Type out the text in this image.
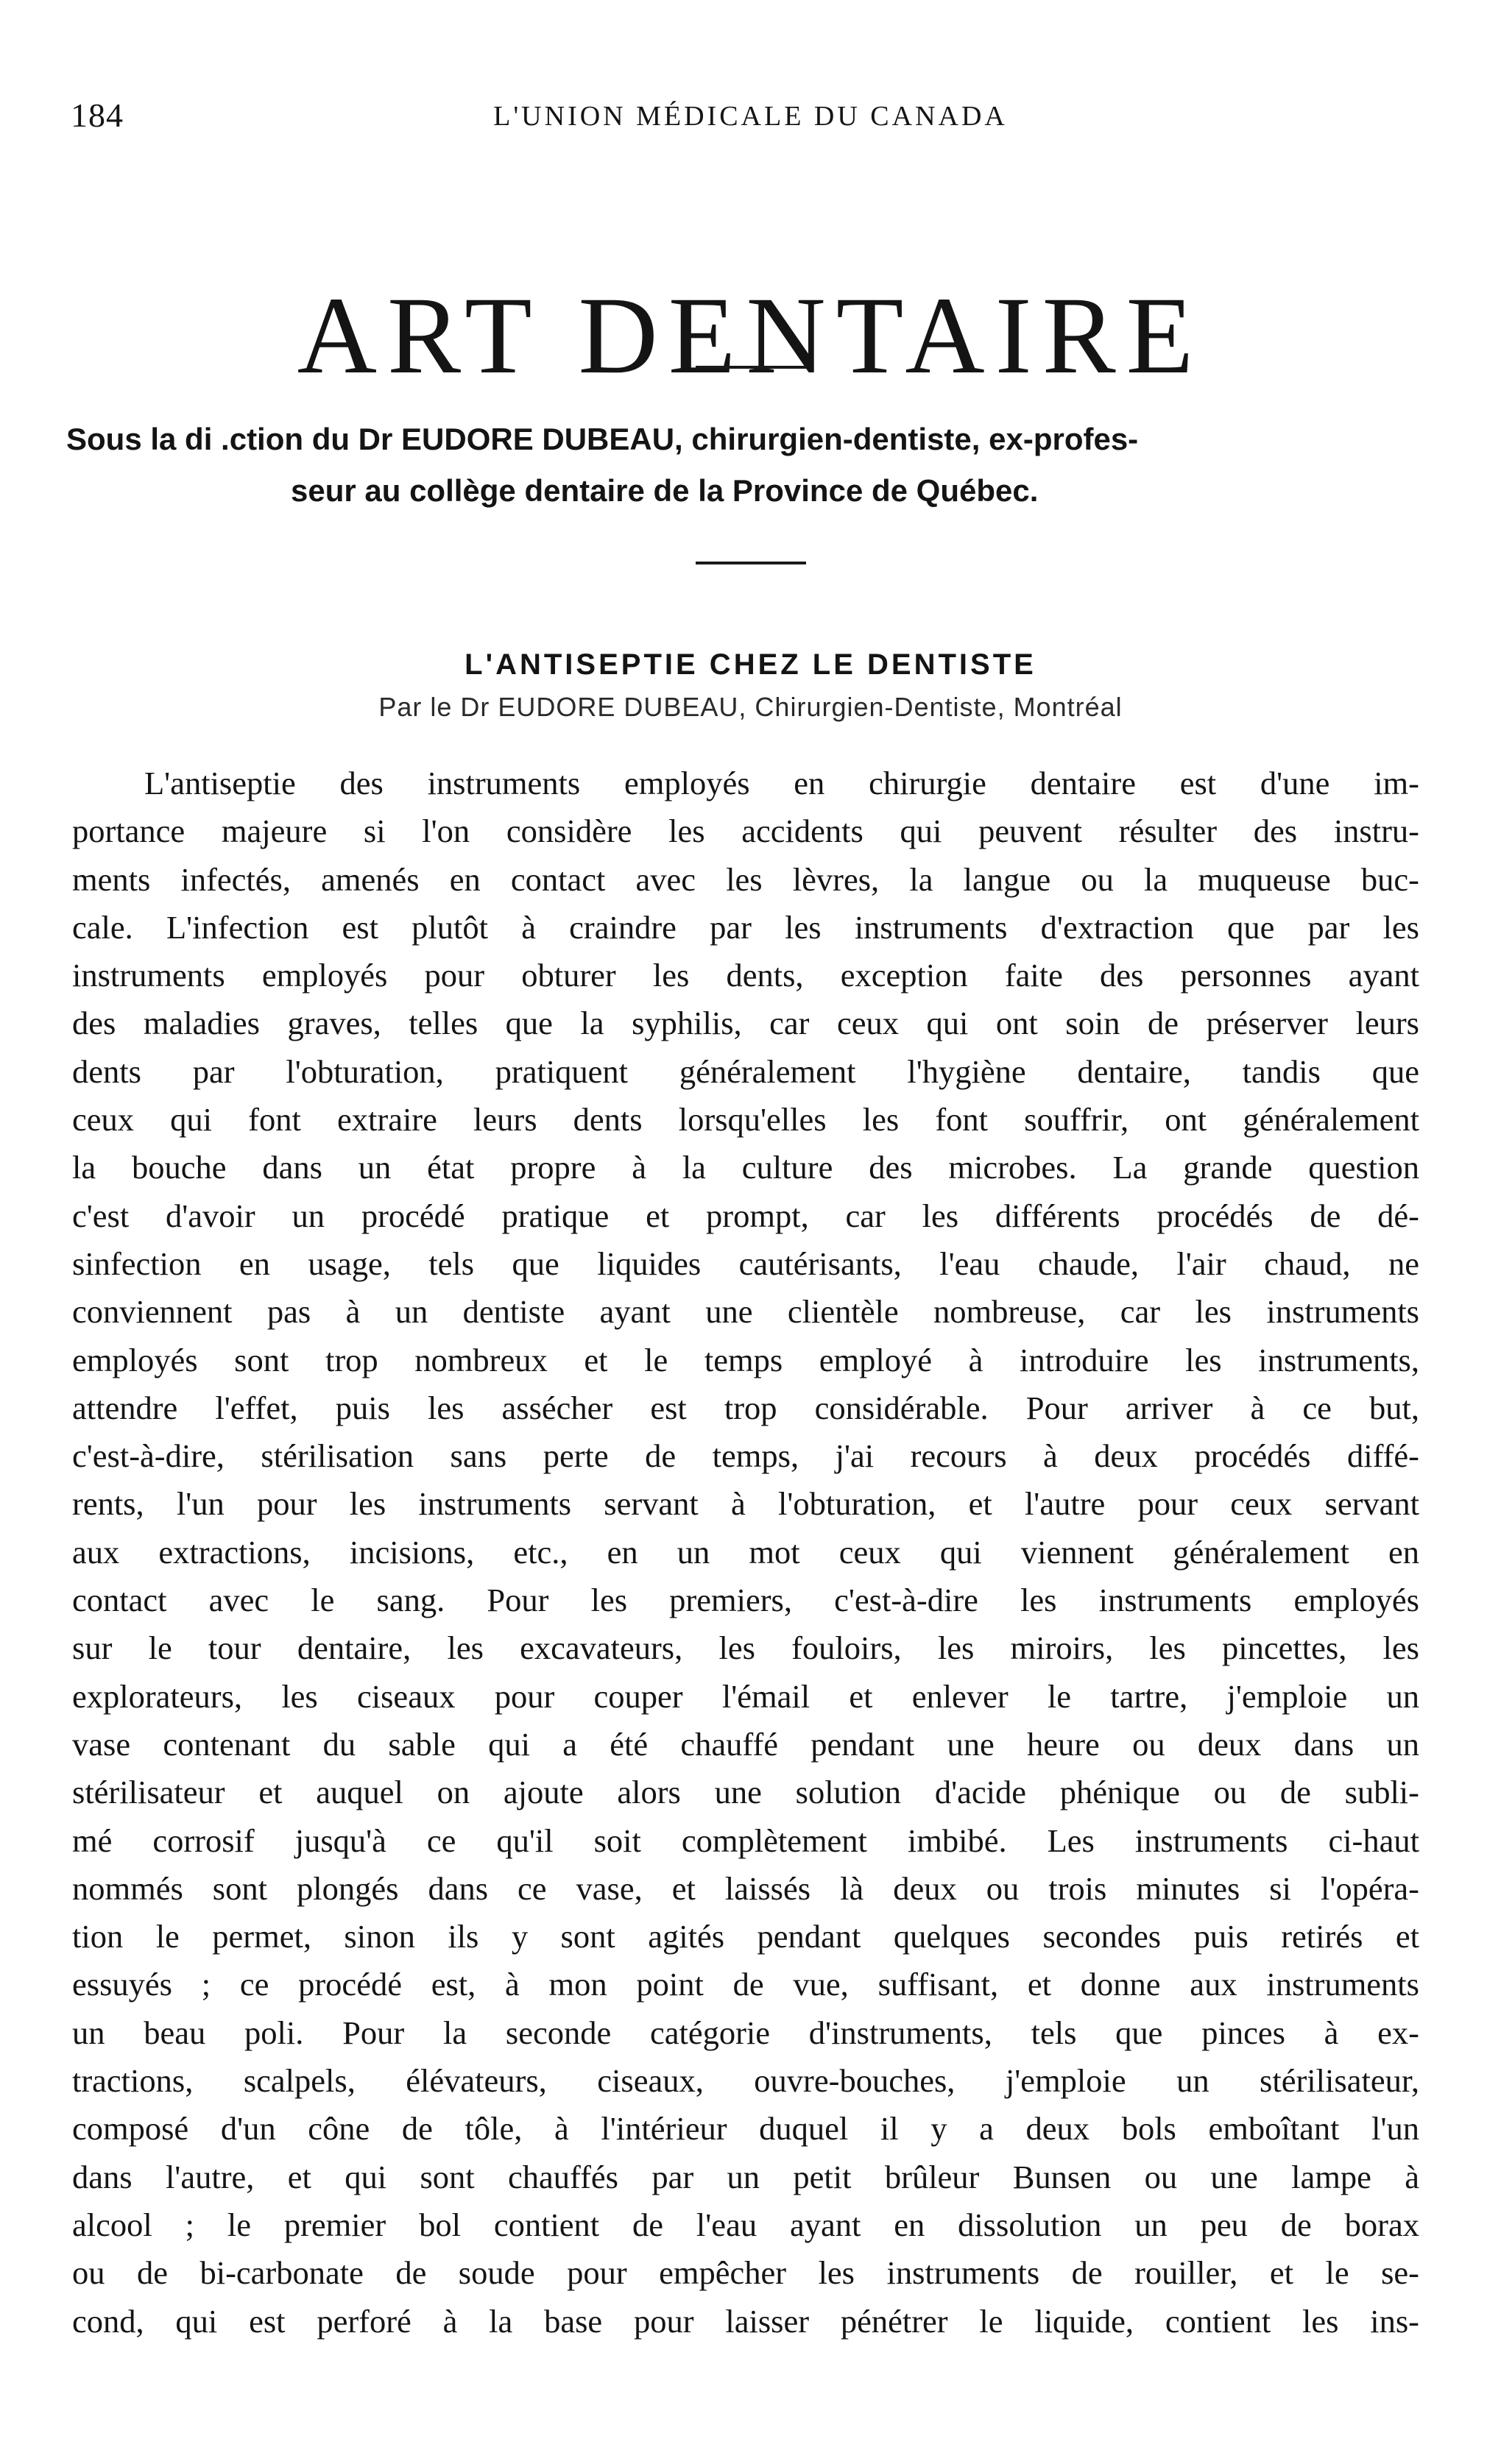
184	L'UNION MÉDICALE DU CANADA
ART DENTAIRE
Sous la di .ction du Dr EUDORE DUBEAU, chirurgien-dentiste, ex-profes-
seur au collège dentaire de la Province de Québec.
L'ANTISEPTIE CHEZ LE DENTISTE
Par le Dr EUDORE DUBEAU, Chirurgien-Dentiste, Montréal
L'antiseptie des instruments employés en chirurgie dentaire est d'une im-
portance majeure si l'on considère les accidents qui peuvent résulter des instru-
ments infectés, amenés en contact avec les lèvres, la langue ou la muqueuse buc-
cale. L'infection est plutôt à craindre par les instruments d'extraction que par les
instruments employés pour obturer les dents, exception faite des personnes ayant
des maladies graves, telles que la syphilis, car ceux qui ont soin de préserver leurs
dents par l'obturation, pratiquent généralement l'hygiène dentaire, tandis que
ceux qui font extraire leurs dents lorsqu'elles les font souffrir, ont généralement
la bouche dans un état propre à la culture des microbes. La grande question
c'est d'avoir un procédé pratique et prompt, car les différents procédés de dé-
sinfection en usage, tels que liquides cautérisants, l'eau chaude, l'air chaud, ne
conviennent pas à un dentiste ayant une clientèle nombreuse, car les instruments
employés sont trop nombreux et le temps employé à introduire les instruments,
attendre l'effet, puis les assécher est trop considérable. Pour arriver à ce but,
c'est-à-dire, stérilisation sans perte de temps, j'ai recours à deux procédés diffé-
rents, l'un pour les instruments servant à l'obturation, et l'autre pour ceux servant
aux extractions, incisions, etc., en un mot ceux qui viennent généralement en
contact avec le sang. Pour les premiers, c'est-à-dire les instruments employés
sur le tour dentaire, les excavateurs, les fouloirs, les miroirs, les pincettes, les
explorateurs, les ciseaux pour couper l'émail et enlever le tartre, j'emploie un
vase contenant du sable qui a été chauffé pendant une heure ou deux dans un
stérilisateur et auquel on ajoute alors une solution d'acide phénique ou de subli-
mé corrosif jusqu'à ce qu'il soit complètement imbibé. Les instruments ci-haut
nommés sont plongés dans ce vase, et laissés là deux ou trois minutes si l'opéra-
tion le permet, sinon ils y sont agités pendant quelques secondes puis retirés et
essuyés ; ce procédé est, à mon point de vue, suffisant, et donne aux instruments
un beau poli. Pour la seconde catégorie d'instruments, tels que pinces à ex-
tractions, scalpels, élévateurs, ciseaux, ouvre-bouches, j'emploie un stérilisateur,
composé d'un cône de tôle, à l'intérieur duquel il y a deux bols emboîtant l'un
dans l'autre, et qui sont chauffés par un petit brûleur Bunsen ou une lampe à
alcool ; le premier bol contient de l'eau ayant en dissolution un peu de borax
ou de bi-carbonate de soude pour empêcher les instruments de rouiller, et le se-
cond, qui est perforé à la base pour laisser pénétrer le liquide, contient les ins-
